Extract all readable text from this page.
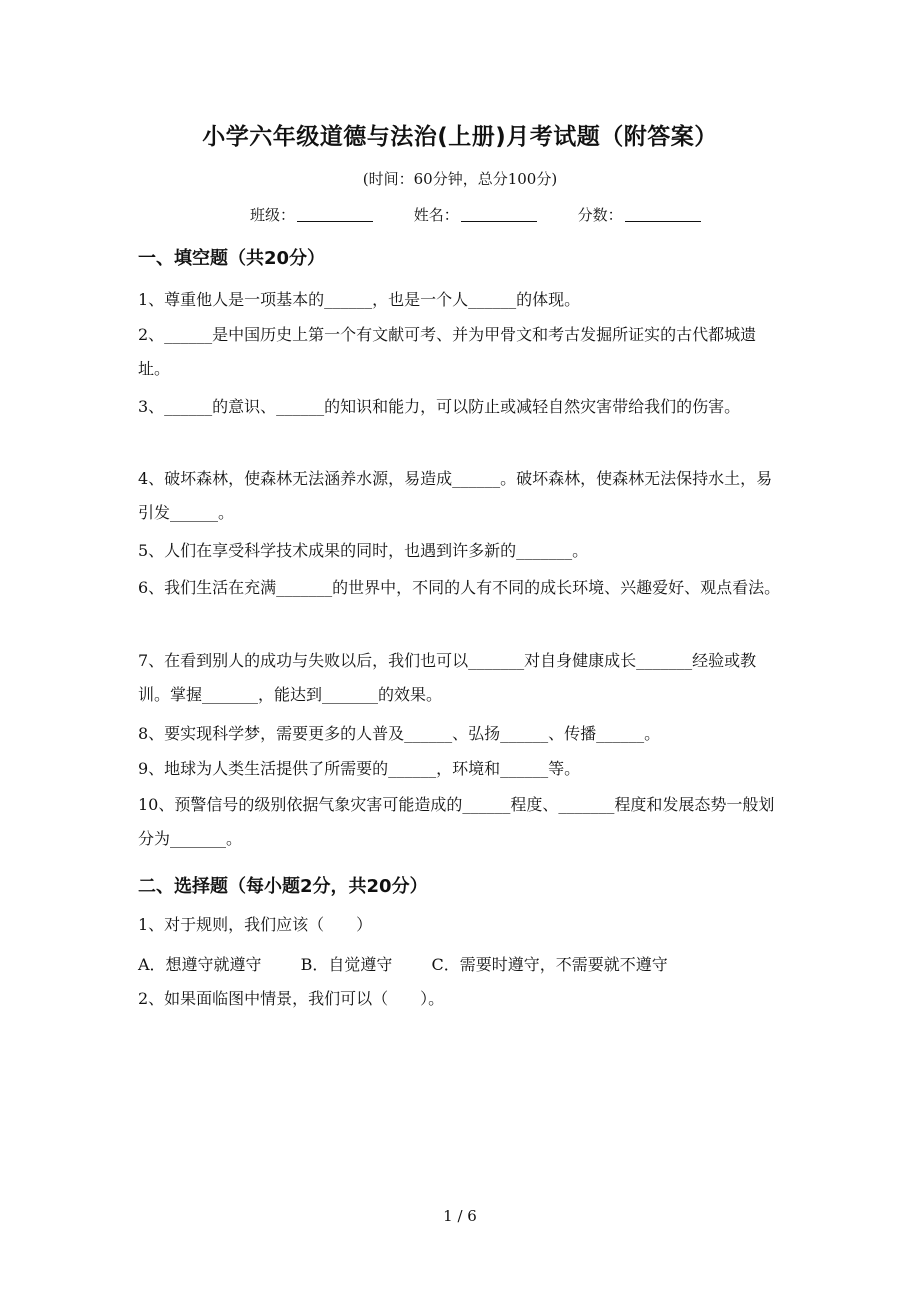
小学六年级道德与法治(上册)月考试题（附答案）
(时间：60分钟，总分100分)
班级：	姓名：	分数：
一、填空题（共20分）

1、尊重他人是一项基本的______，也是一个人______的体现。

2、______是中国历史上第一个有文献可考、并为甲骨文和考古发掘所证实的古代都城遗址。

3、______的意识、______的知识和能力，可以防止或减轻自然灾害带给我们的伤害。

4、破坏森林，使森林无法涵养水源，易造成______。破坏森林，使森林无法保持水土，易引发______。

5、人们在享受科学技术成果的同时，也遇到许多新的_______。

6、我们生活在充满_______的世界中，不同的人有不同的成长环境、兴趣爱好、观点看法。

7、在看到别人的成功与失败以后，我们也可以_______对自身健康成长_______经验或教训。掌握_______，能达到_______的效果。

8、要实现科学梦，需要更多的人普及______、弘扬______、传播______。

9、地球为人类生活提供了所需要的______，环境和______等。

10、预警信号的级别依据气象灾害可能造成的______程度、_______程度和发展态势一般划分为_______。

二、选择题（每小题2分，共20分）

1、对于规则，我们应该（　　）

A．想遵守就遵守 B．自觉遵守 C．需要时遵守，不需要就不遵守

2、如果面临图中情景，我们可以（　　）。

1 / 6
